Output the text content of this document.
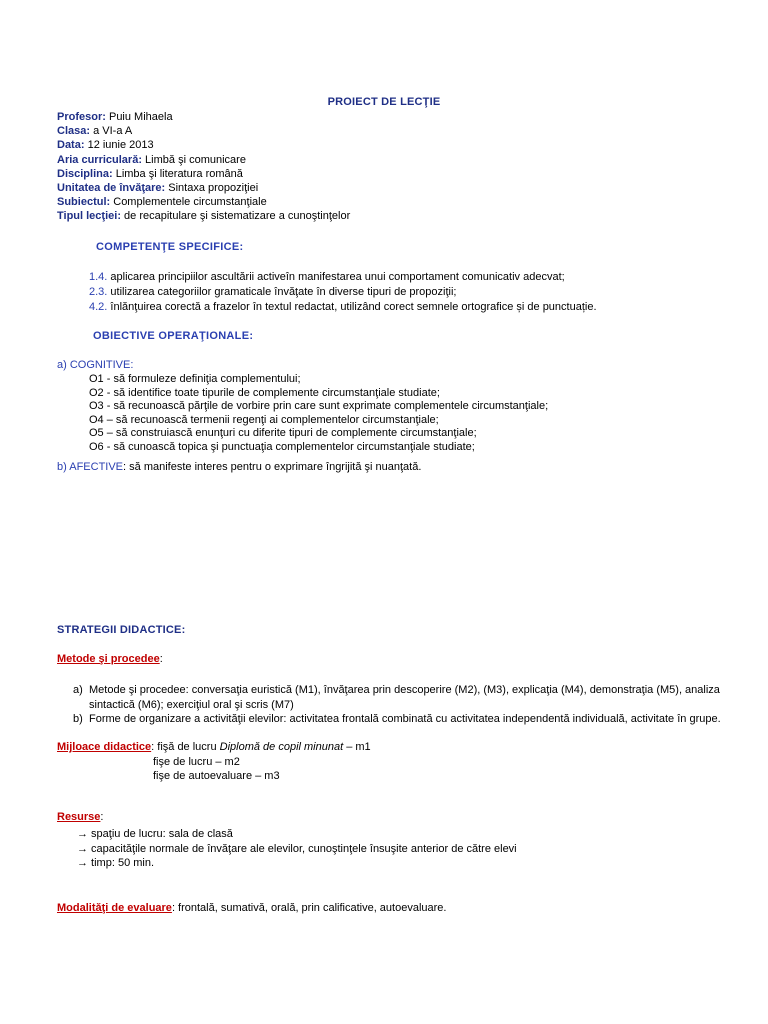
PROIECT DE LECŢIE
Profesor: Puiu Mihaela
Clasa: a VI-a A
Data: 12 iunie 2013
Aria curriculară: Limbă şi comunicare
Disciplina: Limba şi literatura română
Unitatea de învăţare: Sintaxa propoziţiei
Subiectul: Complementele circumstanţiale
Tipul lecţiei: de recapitulare şi sistematizare a cunoştinţelor
COMPETENŢE SPECIFICE:
1.4. aplicarea principiilor ascultării activeîn manifestarea unui comportament comunicativ adecvat;
2.3. utilizarea categoriilor gramaticale învăţate în diverse tipuri de propoziţii;
4.2. înlănţuirea corectă a frazelor în textul redactat, utilizând corect semnele ortografice și de punctuație.
OBIECTIVE OPERAŢIONALE:
a) COGNITIVE:
O1 - să formuleze definiţia complementului;
O2 - să identifice toate tipurile de complemente circumstanţiale studiate;
O3 - să recunoască părţile de vorbire prin care sunt exprimate complementele circumstanţiale;
O4 – să recunoască termenii regenţi ai complementelor circumstanţiale;
O5 – să construiască enunţuri cu diferite tipuri de complemente circumstanţiale;
O6 - să cunoască topica şi punctuaţia complementelor circumstanţiale studiate;
b) AFECTIVE: să manifeste interes pentru o exprimare îngrijită şi nuanţată.
STRATEGII DIDACTICE:
Metode şi procedee:
a) Metode şi procedee: conversaţia euristică (M1), învăţarea prin descoperire (M2), (M3), explicaţia (M4), demonstraţia (M5), analiza sintactică (M6); exerciţiul oral şi scris (M7)
b) Forme de organizare a activităţii elevilor: activitatea frontală combinată cu activitatea independentă individuală, activitate în grupe.
Mijloace didactice: fişă de lucru Diplomă de copil minunat – m1
fişe de lucru – m2
fişe de autoevaluare – m3
Resurse:
→ spaţiu de lucru: sala de clasă
→ capacităţile normale de învăţare ale elevilor, cunoştinţele însuşite anterior de către elevi
→ timp: 50 min.
Modalităţi de evaluare: frontală, sumativă, orală, prin calificative, autoevaluare.
